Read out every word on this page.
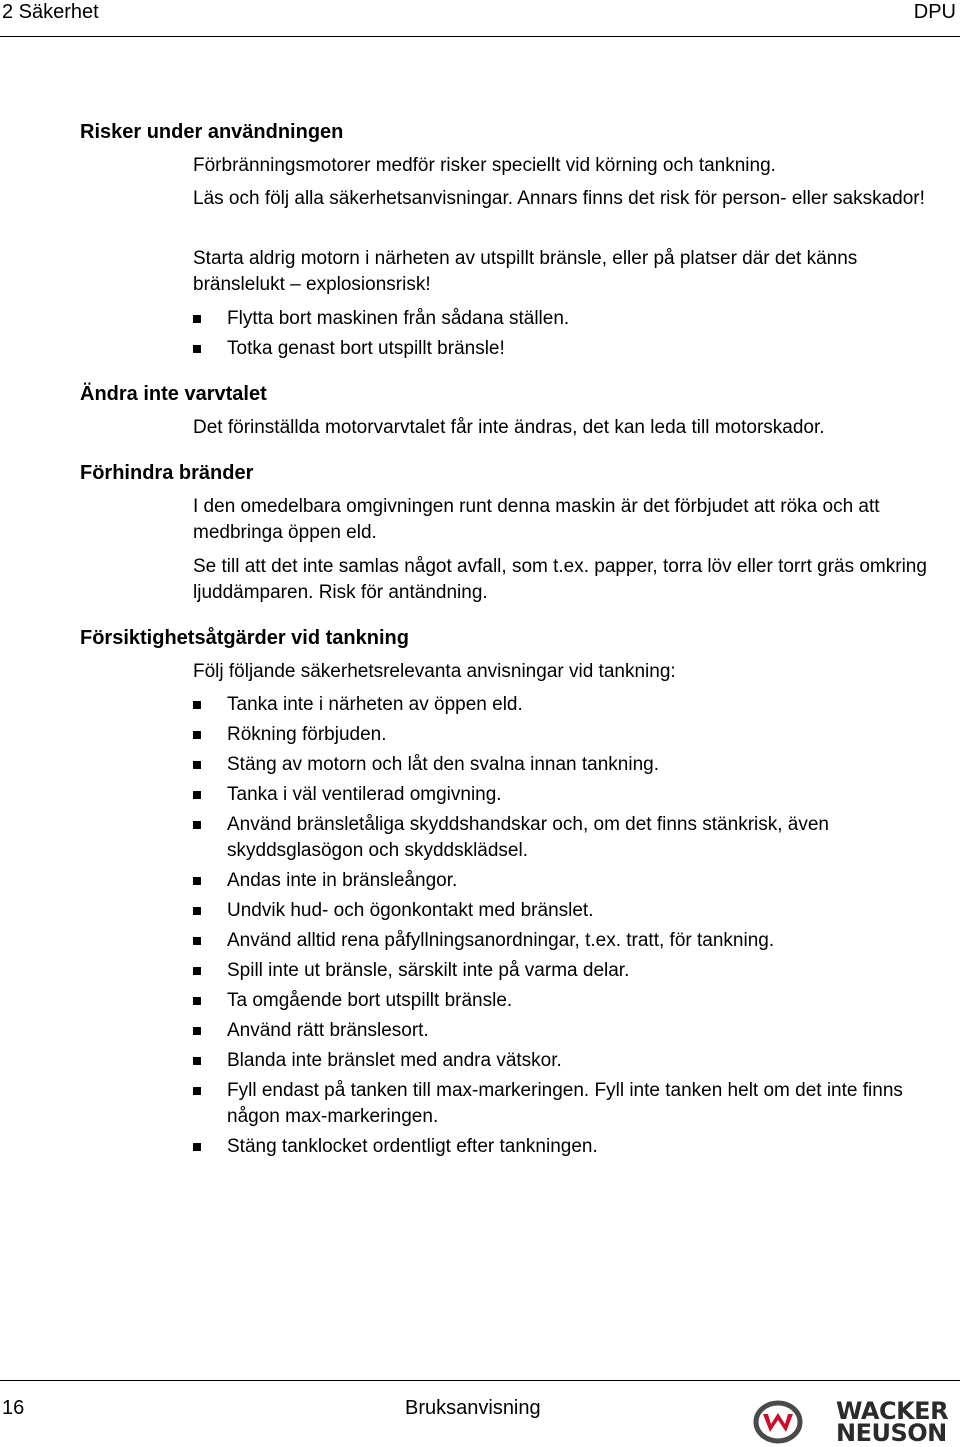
2 Säkerhet	DPU
Risker under användningen

Förbränningsmotorer medför risker speciellt vid körning och tankning.

Läs och följ alla säkerhetsanvisningar. Annars finns det risk för person- eller sakskador!

Starta aldrig motorn i närheten av utspillt bränsle, eller på platser där det känns bränslelukt – explosionsrisk!

Flytta bort maskinen från sådana ställen.
Totka genast bort utspillt bränsle!
Ändra inte varvtalet

Det förinställda motorvarvtalet får inte ändras, det kan leda till motorskador.

Förhindra bränder

I den omedelbara omgivningen runt denna maskin är det förbjudet att röka och att medbringa öppen eld.

Se till att det inte samlas något avfall, som t.ex. papper, torra löv eller torrt gräs omkring ljuddämparen. Risk för antändning.

Försiktighetsåtgärder vid tankning

Följ följande säkerhetsrelevanta anvisningar vid tankning:

Tanka inte i närheten av öppen eld.
Rökning förbjuden.
Stäng av motorn och låt den svalna innan tankning.
Tanka i väl ventilerad omgivning.
Använd bränsletåliga skyddshandskar och, om det finns stänkrisk, även skyddsglasögon och skyddsklädsel.
Andas inte in bränsleångor.
Undvik hud- och ögonkontakt med bränslet.
Använd alltid rena påfyllningsanordningar, t.ex. tratt, för tankning.
Spill inte ut bränsle, särskilt inte på varma delar.
Ta omgående bort utspillt bränsle.
Använd rätt bränslesort.
Blanda inte bränslet med andra vätskor.
Fyll endast på tanken till max-markeringen. Fyll inte tanken helt om det inte finns någon max-markeringen.
Stäng tanklocket ordentligt efter tankningen.
16	Bruksanvisning	WACKER
NEUSON
